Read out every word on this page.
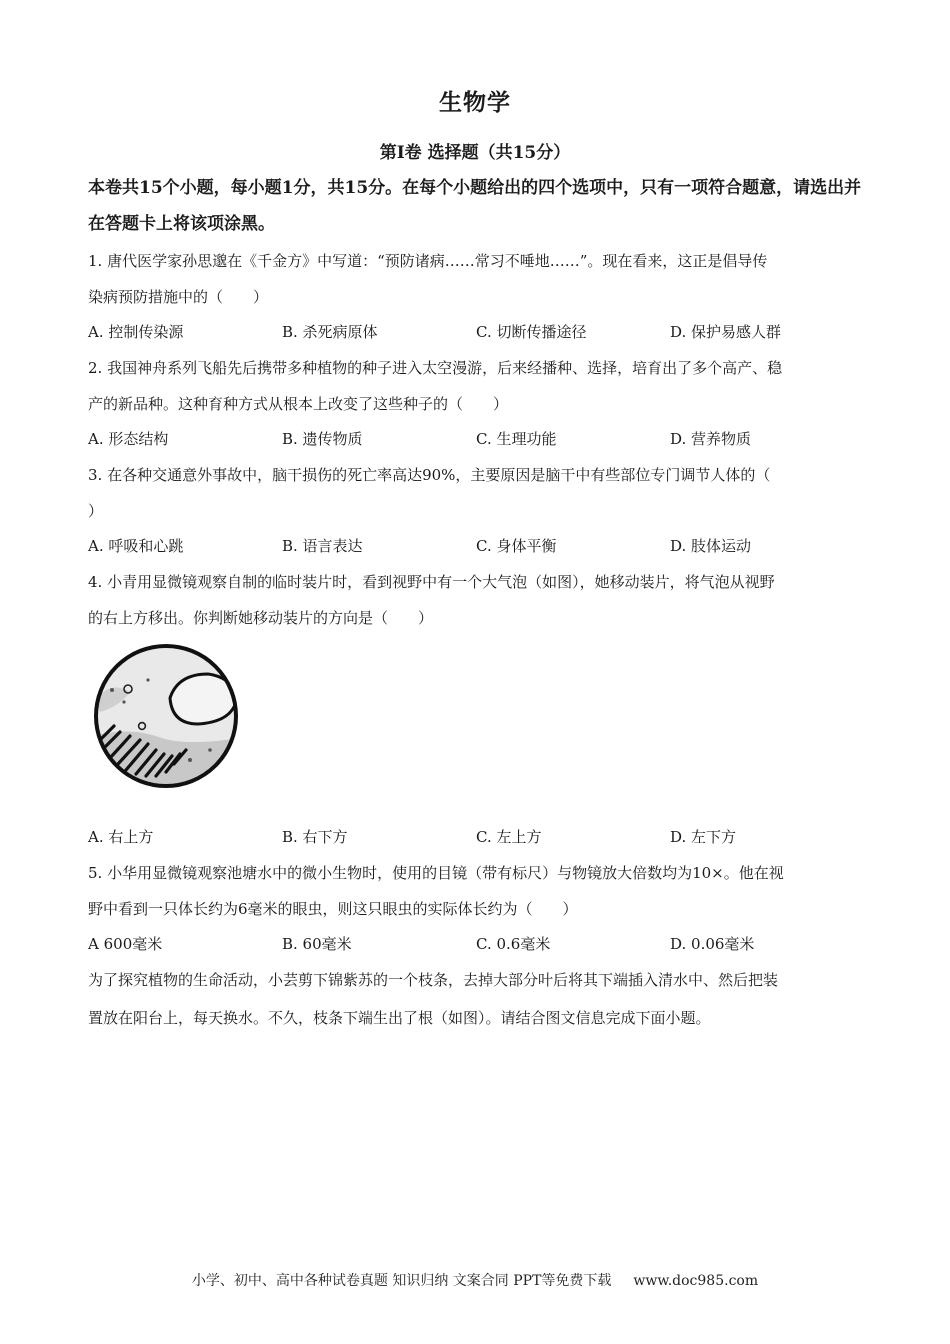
生物学
第Ⅰ卷 选择题（共15分）

本卷共15个小题，每小题1分，共15分。在每个小题给出的四个选项中，只有一项符合题意，请选出并在答题卡上将该项涂黑。

1. 唐代医学家孙思邈在《千金方》中写道：“预防诸病……常习不唾地……”。现在看来，这正是倡导传
染病预防措施中的（　　）
A. 控制传染源	B. 杀死病原体	C. 切断传播途径	D. 保护易感人群
2. 我国神舟系列飞船先后携带多种植物的种子进入太空漫游，后来经播种、选择，培育出了多个高产、稳
产的新品种。这种育种方式从根本上改变了这些种子的（　　）
A. 形态结构	B. 遗传物质	C. 生理功能	D. 营养物质
3. 在各种交通意外事故中，脑干损伤的死亡率高达90%，主要原因是脑干中有些部位专门调节人体的（
）
A. 呼吸和心跳	B. 语言表达	C. 身体平衡	D. 肢体运动
4. 小青用显微镜观察自制的临时装片时，看到视野中有一个大气泡（如图），她移动装片，将气泡从视野
的右上方移出。你判断她移动装片的方向是（　　）
A. 右上方	B. 右下方	C. 左上方	D. 左下方
5. 小华用显微镜观察池塘水中的微小生物时，使用的目镜（带有标尺）与物镜放大倍数均为10×。他在视
野中看到一只体长约为6毫米的眼虫，则这只眼虫的实际体长约为（　　）
A 600毫米	B. 60毫米	C. 0.6毫米	D. 0.06毫米
为了探究植物的生命活动，小芸剪下锦紫苏的一个枝条，去掉大部分叶后将其下端插入清水中、然后把装
置放在阳台上，每天换水。不久，枝条下端生出了根（如图）。请结合图文信息完成下面小题。
小学、初中、高中各种试卷真题 知识归纳 文案合同 PPT等免费下载 www.doc985.com
